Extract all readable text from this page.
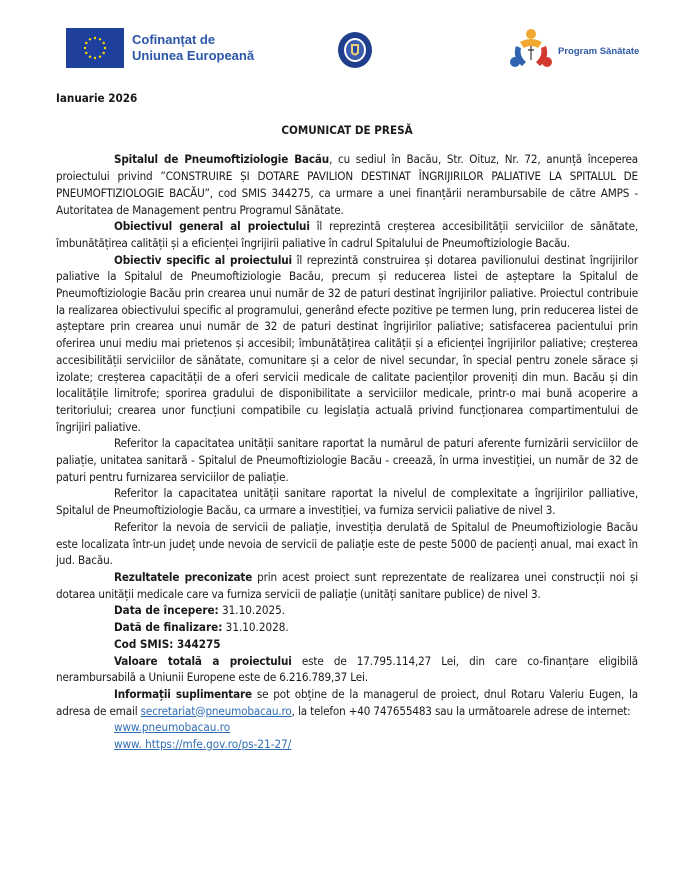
Cofinanțat de
Uniunea Europeană	Program Sănătate
Ianuarie 2026
COMUNICAT DE PRESĂ

Spitalul de Pneumoftiziologie Bacău, cu sediul în Bacău, Str. Oituz, Nr. 72, anunță începerea proiectului privind ”CONSTRUIRE ȘI DOTARE PAVILION DESTINAT ÎNGRIJIRILOR PALIATIVE LA SPITALUL DE PNEUMOFTIZIOLOGIE BACĂU”, cod SMIS 344275, ca urmare a unei finanțării nerambursabile de către AMPS - Autoritatea de Management pentru Programul Sănătate.

Obiectivul general al proiectului îl reprezintă creșterea accesibilității serviciilor de sănătate, îmbunătățirea calității și a eficienței îngrijirii paliative în cadrul Spitalului de Pneumoftiziologie Bacău.

Obiectiv specific al proiectului îl reprezintă construirea și dotarea pavilionului destinat îngrijirilor paliative la Spitalul de Pneumoftiziologie Bacău, precum și reducerea listei de așteptare la Spitalul de Pneumoftiziologie Bacău prin crearea unui număr de 32 de paturi destinat îngrijirilor paliative. Proiectul contribuie la realizarea obiectivului specific al programului, generând efecte pozitive pe termen lung, prin reducerea listei de așteptare prin crearea unui număr de 32 de paturi destinat îngrijirilor paliative; satisfacerea pacientului prin oferirea unui mediu mai prietenos și accesibil; îmbunătățirea calității și a eficienței îngrijirilor paliative; creșterea accesibilității serviciilor de sănătate, comunitare și a celor de nivel secundar, în special pentru zonele sărace și izolate; creșterea capacității de a oferi servicii medicale de calitate pacienților proveniți din mun. Bacău și din localitățile limitrofe; sporirea gradului de disponibilitate a serviciilor medicale, printr-o mai bună acoperire a teritoriului; crearea unor funcțiuni compatibile cu legislația actuală privind funcționarea compartimentului de îngrijiri paliative.

Referitor la capacitatea unității sanitare raportat la numărul de paturi aferente furnizării serviciilor de paliație, unitatea sanitară - Spitalul de Pneumoftiziologie Bacău - creează, în urma investiției, un număr de 32 de paturi pentru furnizarea serviciilor de paliație.

Referitor la capacitatea unității sanitare raportat la nivelul de complexitate a îngrijirilor palliative, Spitalul de Pneumoftiziologie Bacău, ca urmare a investiției, va furniza servicii paliative de nivel 3.

Referitor la nevoia de servicii de paliație, investiția derulată de Spitalul de Pneumoftiziologie Bacău este localizata într-un județ unde nevoia de servicii de paliație este de peste 5000 de pacienți anual, mai exact în jud. Bacău.

Rezultatele preconizate prin acest proiect sunt reprezentate de realizarea unei construcții noi și dotarea unității medicale care va furniza servicii de paliație (unități sanitare publice) de nivel 3.

Data de începere: 31.10.2025.
Dată de finalizare: 31.10.2028.
Cod SMIS: 344275

Valoare totală a proiectului este de 17.795.114,27 Lei, din care co-finanțare eligibilă nerambursabilă a Uniunii Europene este de 6.216.789,37 Lei.

Informații suplimentare se pot obține de la managerul de proiect, dnul Rotaru Valeriu Eugen, la adresa de email secretariat@pneumobacau.ro, la telefon +40 747655483 sau la următoarele adrese de internet:

www.pneumobacau.ro
www. https://mfe.gov.ro/ps-21-27/
